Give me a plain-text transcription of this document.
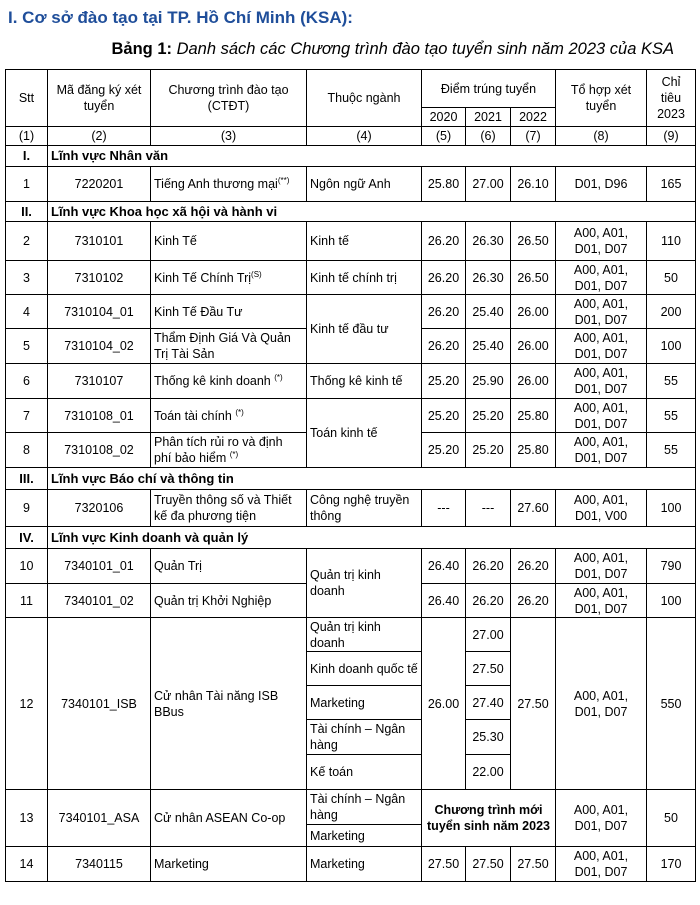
I. Cơ sở đào tạo tại TP. Hồ Chí Minh (KSA):
Bảng 1: Danh sách các Chương trình đào tạo tuyển sinh năm 2023 của KSA
Stt	Mã đăng ký xét tuyển	Chương trình đào tạo (CTĐT)	Thuộc ngành	Điểm trúng tuyển			Tổ hợp xét tuyển	Chỉ tiêu 2023
				2020	2021	2022		
(1)	(2)	(3)	(4)	(5)	(6)	(7)	(8)	(9)
I.	Lĩnh vực Nhân văn							
1	7220201	Tiếng Anh thương mại(**)	Ngôn ngữ Anh	25.80	27.00	26.10	D01, D96	165
II.	Lĩnh vực Khoa học xã hội và hành vi							
2	7310101	Kinh Tế	Kinh tế	26.20	26.30	26.50	A00, A01, D01, D07	110
3	7310102	Kinh Tế Chính Trị$^{(S)}$	Kinh tế chính trị	26.20	26.30	26.50	A00, A01, D01, D07	50
4	7310104_01	Kinh Tế Đầu Tư	Kinh tế đầu tư	26.20	25.40	26.00	A00, A01, D01, D07	200
5	7310104_02	Thẩm Định Giá Và Quản Trị Tài Sản		26.20	25.40	26.00	A00, A01, D01, D07	100
6	7310107	Thống kê kinh doanh (*)	Thống kê kinh tế	25.20	25.90	26.00	A00, A01, D01, D07	55
7	7310108_01	Toán tài chính (*)	Toán kinh tế	25.20	25.20	25.80	A00, A01, D01, D07	55
8	7310108_02	Phân tích rủi ro và định phí bảo hiểm (*)		25.20	25.20	25.80	A00, A01, D01, D07	55
III.	Lĩnh vực Báo chí và thông tin							
9	7320106	Truyền thông số và Thiết kế đa phương tiện	Công nghệ truyền thông	---	---	27.60	A00, A01, D01, V00	100
IV.	Lĩnh vực Kinh doanh và quản lý							
10	7340101_01	Quản Trị	Quản trị kinh doanh	26.40	26.20	26.20	A00, A01, D01, D07	790
11	7340101_02	Quản trị Khởi Nghiệp		26.40	26.20	26.20	A00, A01, D01, D07	100
12	7340101_ISB	Cử nhân Tài năng ISB BBus	Quản trị kinh doanh	26.00	27.00	27.50	A00, A01, D01, D07	550
			Kinh doanh quốc tế		27.50			
			Marketing		27.40			
			Tài chính – Ngân hàng		25.30			
			Kế toán		22.00			
13	7340101_ASA	Cử nhân ASEAN Co-op	Tài chính – Ngân hàng	Chương trình mới tuyển sinh năm 2023			A00, A01, D01, D07	50
			Marketing					
14	7340115	Marketing	Marketing	27.50	27.50	27.50	A00, A01, D01, D07	170
